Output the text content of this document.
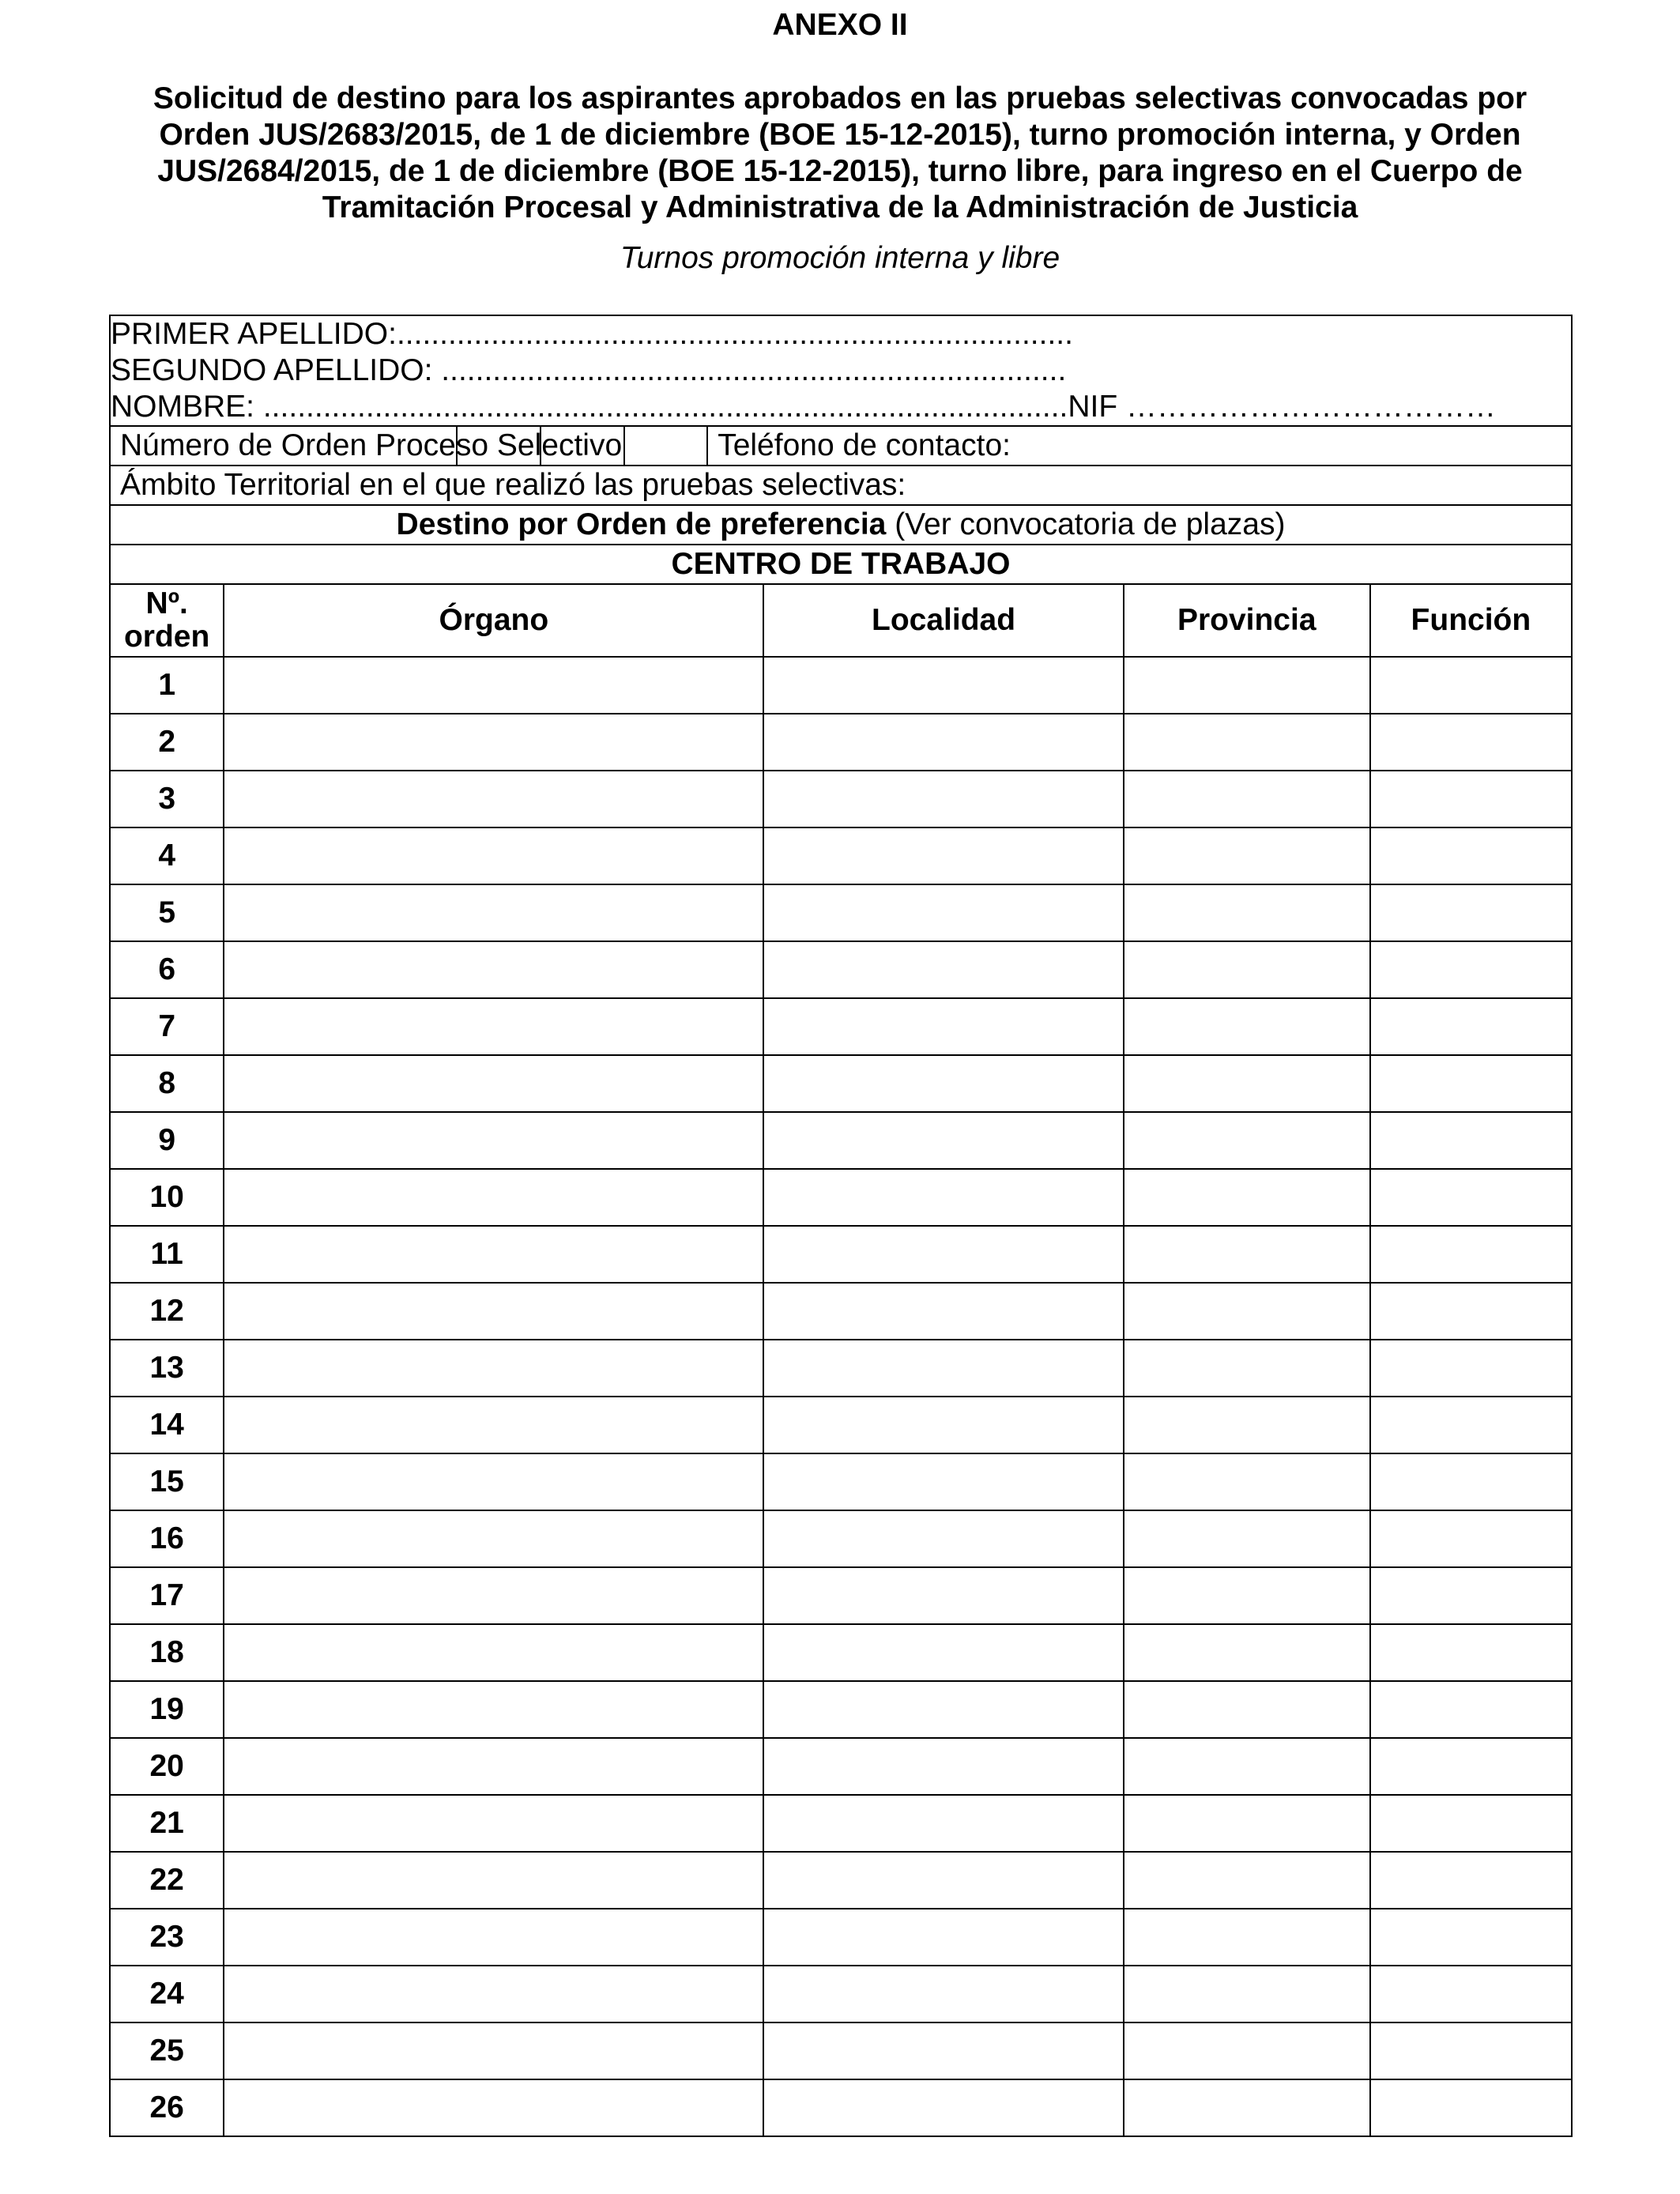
ANEXO II
Solicitud de destino para los aspirantes aprobados en las pruebas selectivas convocadas por Orden JUS/2683/2015, de 1 de diciembre (BOE 15-12-2015), turno promoción interna, y Orden JUS/2684/2015, de 1 de diciembre (BOE 15-12-2015), turno libre, para ingreso en el Cuerpo de Tramitación Procesal y Administrativa de la Administración de Justicia
Turnos promoción interna y libre
PRIMER APELLIDO:...............................................................................
SEGUNDO APELLIDO: .........................................................................
NOMBRE: ..............................................................................................NIF ………………………………								

Número de Orden Proceso Selectivo					Teléfono de contacto:			
Ámbito Territorial en el que realizó las pruebas selectivas:								
Destino por Orden de preferencia (Ver convocatoria de plazas)								
CENTRO DE TRABAJO								
Nº. orden	Órgano					Localidad	Provincia	Función
1								
2								
3								
4								
5								
6								
7								
8								
9								
10								
11								
12								
13								
14								
15								
16								
17								
18								
19								
20								
21								
22								
23								
24								
25								
26								
